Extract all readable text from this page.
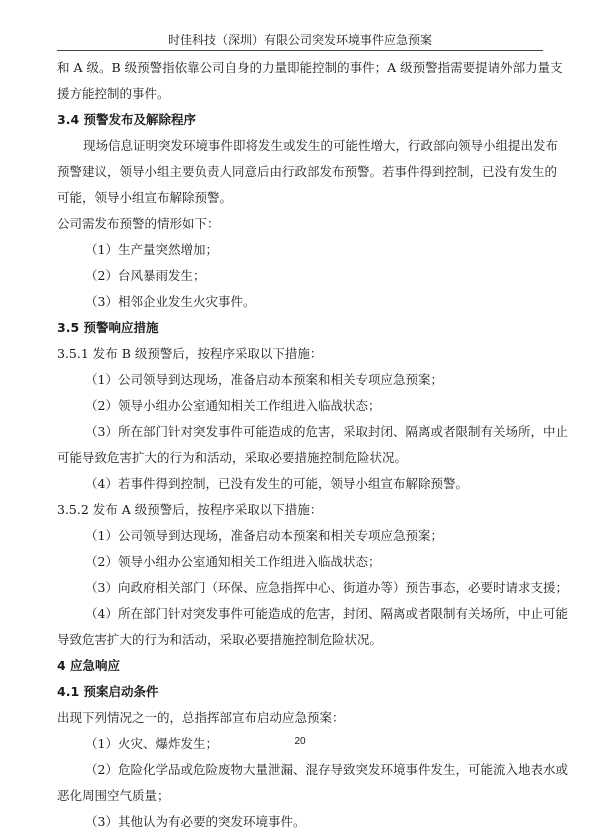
时佳科技（深圳）有限公司突发环境事件应急预案
和 A 级。B 级预警指依靠公司自身的力量即能控制的事件；A 级预警指需要提请外部力量支
援方能控制的事件。
3.4 预警发布及解除程序
现场信息证明突发环境事件即将发生或发生的可能性增大，行政部向领导小组提出发布
预警建议，领导小组主要负责人同意后由行政部发布预警。若事件得到控制，已没有发生的
可能，领导小组宣布解除预警。
公司需发布预警的情形如下：
（1）生产量突然增加；
（2）台风暴雨发生；
（3）相邻企业发生火灾事件。
3.5 预警响应措施
3.5.1 发布 B 级预警后，按程序采取以下措施：
（1）公司领导到达现场，准备启动本预案和相关专项应急预案；
（2）领导小组办公室通知相关工作组进入临战状态；
（3）所在部门针对突发事件可能造成的危害，采取封闭、隔离或者限制有关场所，中止
可能导致危害扩大的行为和活动，采取必要措施控制危险状况。
（4）若事件得到控制，已没有发生的可能，领导小组宣布解除预警。
3.5.2 发布 A 级预警后，按程序采取以下措施：
（1）公司领导到达现场，准备启动本预案和相关专项应急预案；
（2）领导小组办公室通知相关工作组进入临战状态；
（3）向政府相关部门（环保、应急指挥中心、街道办等）预告事态，必要时请求支援；
（4）所在部门针对突发事件可能造成的危害，封闭、隔离或者限制有关场所，中止可能
导致危害扩大的行为和活动，采取必要措施控制危险状况。
4 应急响应
4.1 预案启动条件
出现下列情况之一的，总指挥部宣布启动应急预案：
（1）火灾、爆炸发生；
（2）危险化学品或危险废物大量泄漏、混存导致突发环境事件发生，可能流入地表水或
恶化周围空气质量；
（3）其他认为有必要的突发环境事件。
20
